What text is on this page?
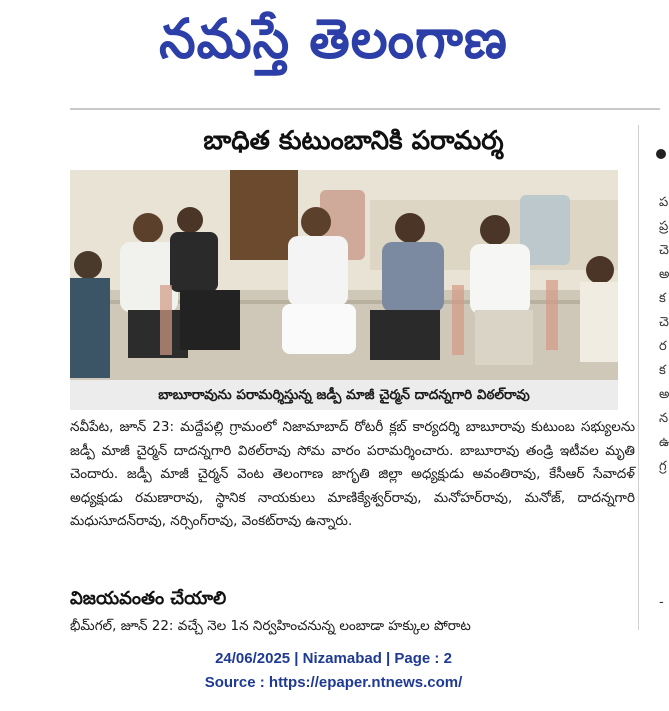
నమస్తే తెలంగాణ
ప
ప్ర
చె
అ
క
చె
ర
క
అ
న
ఉ
గ్ర
-
బాధిత కుటుంబానికి పరామర్శ
బాబూరావును పరామర్శిస్తున్న జడ్పీ మాజీ చైర్మన్ దాదన్నగారి విఠల్‌రావు
నవీపేట, జూన్ 23: మద్దేపల్లి గ్రామంలో నిజామాబాద్ రోటరీ క్లబ్ కార్యదర్శి బాబూరావు కుటుంబ సభ్యులను జడ్పీ మాజీ చైర్మన్ దాదన్నగారి విఠల్‌రావు సోమ వారం పరామర్శించారు. బాబూరావు తండ్రి ఇటీవల మృతి చెందారు. జడ్పీ మాజీ చైర్మన్ వెంట తెలంగాణ జాగృతి జిల్లా అధ్యక్షుడు అవంతిరావు, కేసీఆర్ సేవాదళ్ అధ్యక్షుడు రమణారావు, స్థానిక నాయకులు మాణిక్యేశ్వర్‌రావు, మనోహర్‌రావు, మనోజ్, దాదన్నగారి మధుసూదన్‌రావు, నర్సింగ్‌రావు, వెంకట్‌రావు ఉన్నారు.
విజయవంతం చేయాలి
భీమ్‌గల్, జూన్ 22: వచ్చే నెల 1న నిర్వహించనున్న లంబాడా హక్కుల పోరాట
24/06/2025 | Nizamabad | Page : 2
Source : https://epaper.ntnews.com/
